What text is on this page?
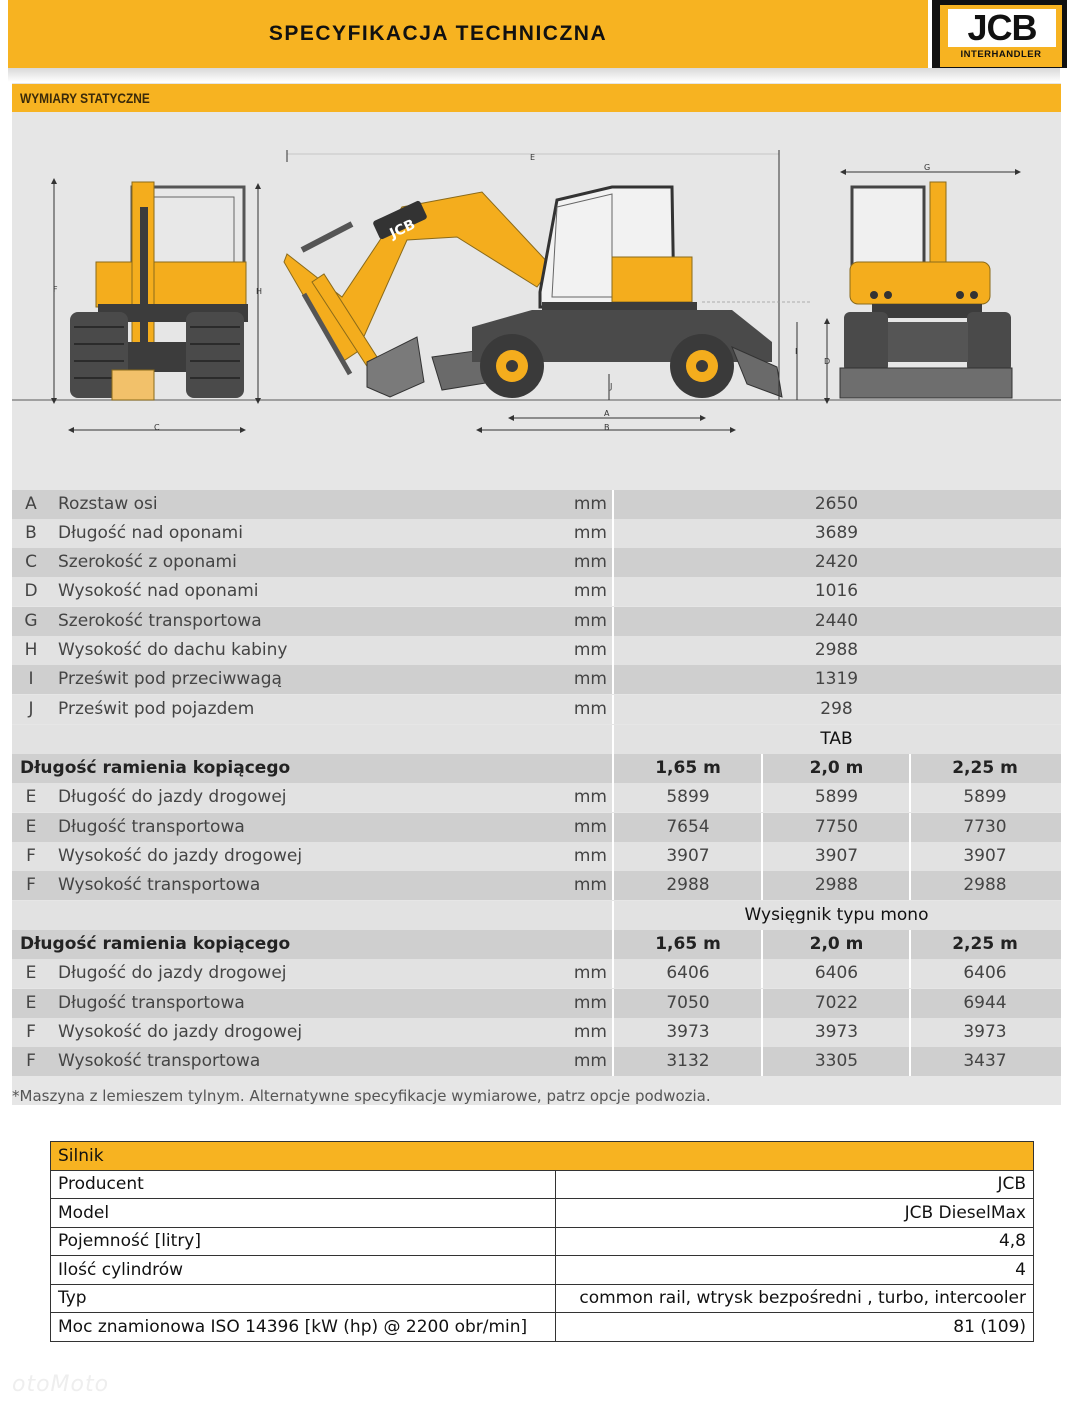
SPECYFIKACJA TECHNICZNA	JCB
INTERHANDLER
WYMIARY STATYCZNE
F	H
C
JCB
E
I
J
A
B
G
D
A	Rozstaw osi	mm	2650
B	Długość nad oponami	mm	3689
C	Szerokość z oponami	mm	2420
D	Wysokość nad oponami	mm	1016
G	Szerokość transportowa	mm	2440
H	Wysokość do dachu kabiny	mm	2988
I	Prześwit pod przeciwwagą	mm	1319
J	Prześwit pod pojazdem	mm	298
TAB
Długość ramienia kopiącego	1,65 m	2,0 m	2,25 m
E	Długość do jazdy drogowej	mm	5899	5899	5899
E	Długość transportowa	mm	7654	7750	7730
F	Wysokość do jazdy drogowej	mm	3907	3907	3907
F	Wysokość transportowa	mm	2988	2988	2988
Wysięgnik typu mono
Długość ramienia kopiącego	1,65 m	2,0 m	2,25 m
E	Długość do jazdy drogowej	mm	6406	6406	6406
E	Długość transportowa	mm	7050	7022	6944
F	Wysokość do jazdy drogowej	mm	3973	3973	3973
F	Wysokość transportowa	mm	3132	3305	3437
*Maszyna z lemieszem tylnym. Alternatywne specyfikacje wymiarowe, patrz opcje podwozia.
Silnik	
Producent	JCB
Model	JCB DieselMax
Pojemność [litry]	4,8
Ilość cylindrów	4
Typ	common rail, wtrysk bezpośredni , turbo, intercooler
Moc znamionowa ISO 14396 [kW (hp) @ 2200 obr/min]	81 (109)
otoMoto
